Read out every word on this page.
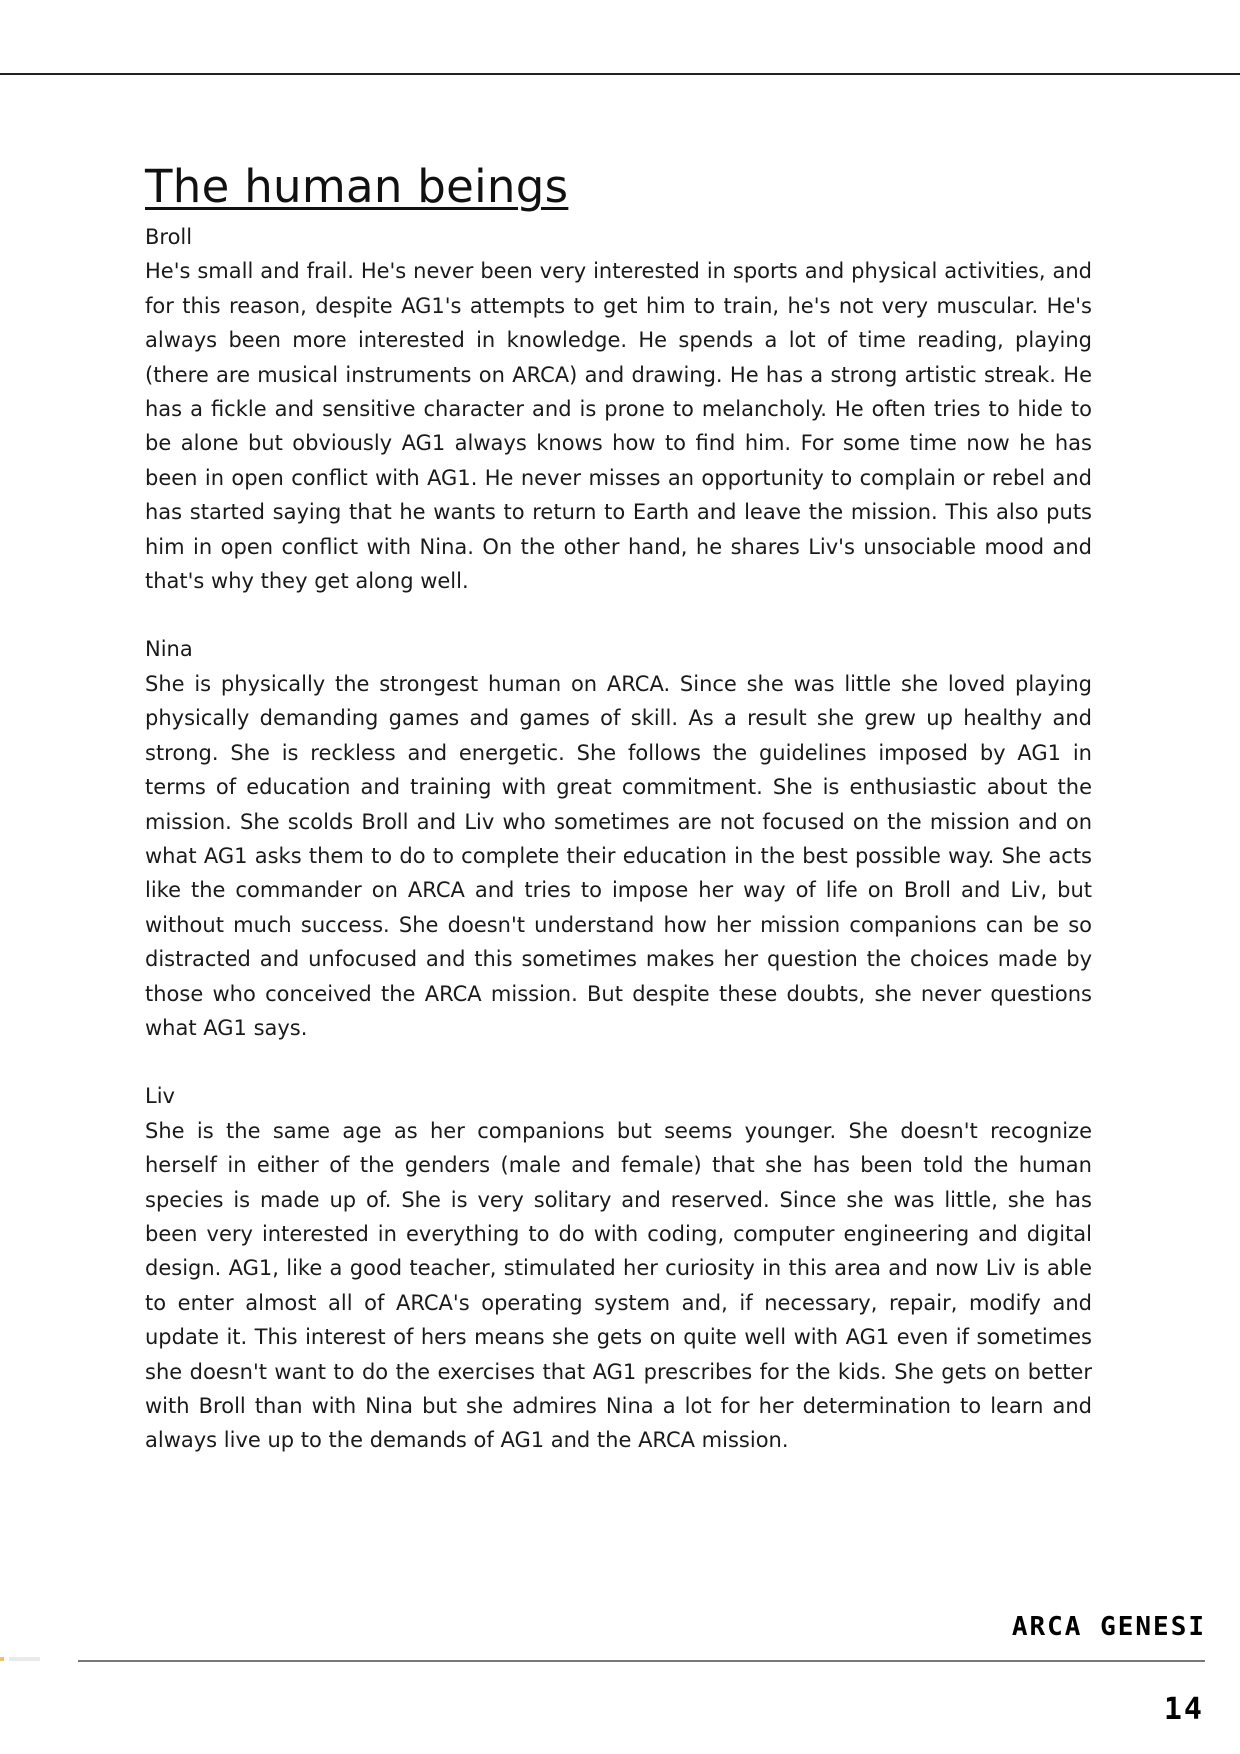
The human beings

Broll

He's small and frail. He's never been very interested in sports and physical activities, and for this reason, despite AG1's attempts to get him to train, he's not very muscular. He's always been more interested in knowledge. He spends a lot of time reading, playing (there are musical instruments on ARCA) and drawing. He has a strong artistic streak. He has a fickle and sensitive character and is prone to melancholy. He often tries to hide to be alone but obviously AG1 always knows how to find him. For some time now he has been in open conflict with AG1. He never misses an opportunity to complain or rebel and has started saying that he wants to return to Earth and leave the mission. This also puts him in open conflict with Nina. On the other hand, he shares Liv's unsociable mood and that's why they get along well.

Nina

She is physically the strongest human on ARCA. Since she was little she loved playing physically demanding games and games of skill. As a result she grew up healthy and strong. She is reckless and energetic. She follows the guidelines imposed by AG1 in terms of education and training with great commitment. She is enthusiastic about the mission. She scolds Broll and Liv who sometimes are not focused on the mission and on what AG1 asks them to do to complete their education in the best possible way. She acts like the commander on ARCA and tries to impose her way of life on Broll and Liv, but without much success. She doesn't understand how her mission companions can be so distracted and unfocused and this sometimes makes her question the choices made by those who conceived the ARCA mission. But despite these doubts, she never questions what AG1 says.

Liv

She is the same age as her companions but seems younger. She doesn't recognize herself in either of the genders (male and female) that she has been told the human species is made up of. She is very solitary and reserved. Since she was little, she has been very interested in everything to do with coding, computer engineering and digital design. AG1, like a good teacher, stimulated her curiosity in this area and now Liv is able to enter almost all of ARCA's operating system and, if necessary, repair, modify and update it. This interest of hers means she gets on quite well with AG1 even if sometimes she doesn't want to do the exercises that AG1 prescribes for the kids. She gets on better with Broll than with Nina but she admires Nina a lot for her determination to learn and always live up to the demands of AG1 and the ARCA mission.

ARCA GENESI
14
